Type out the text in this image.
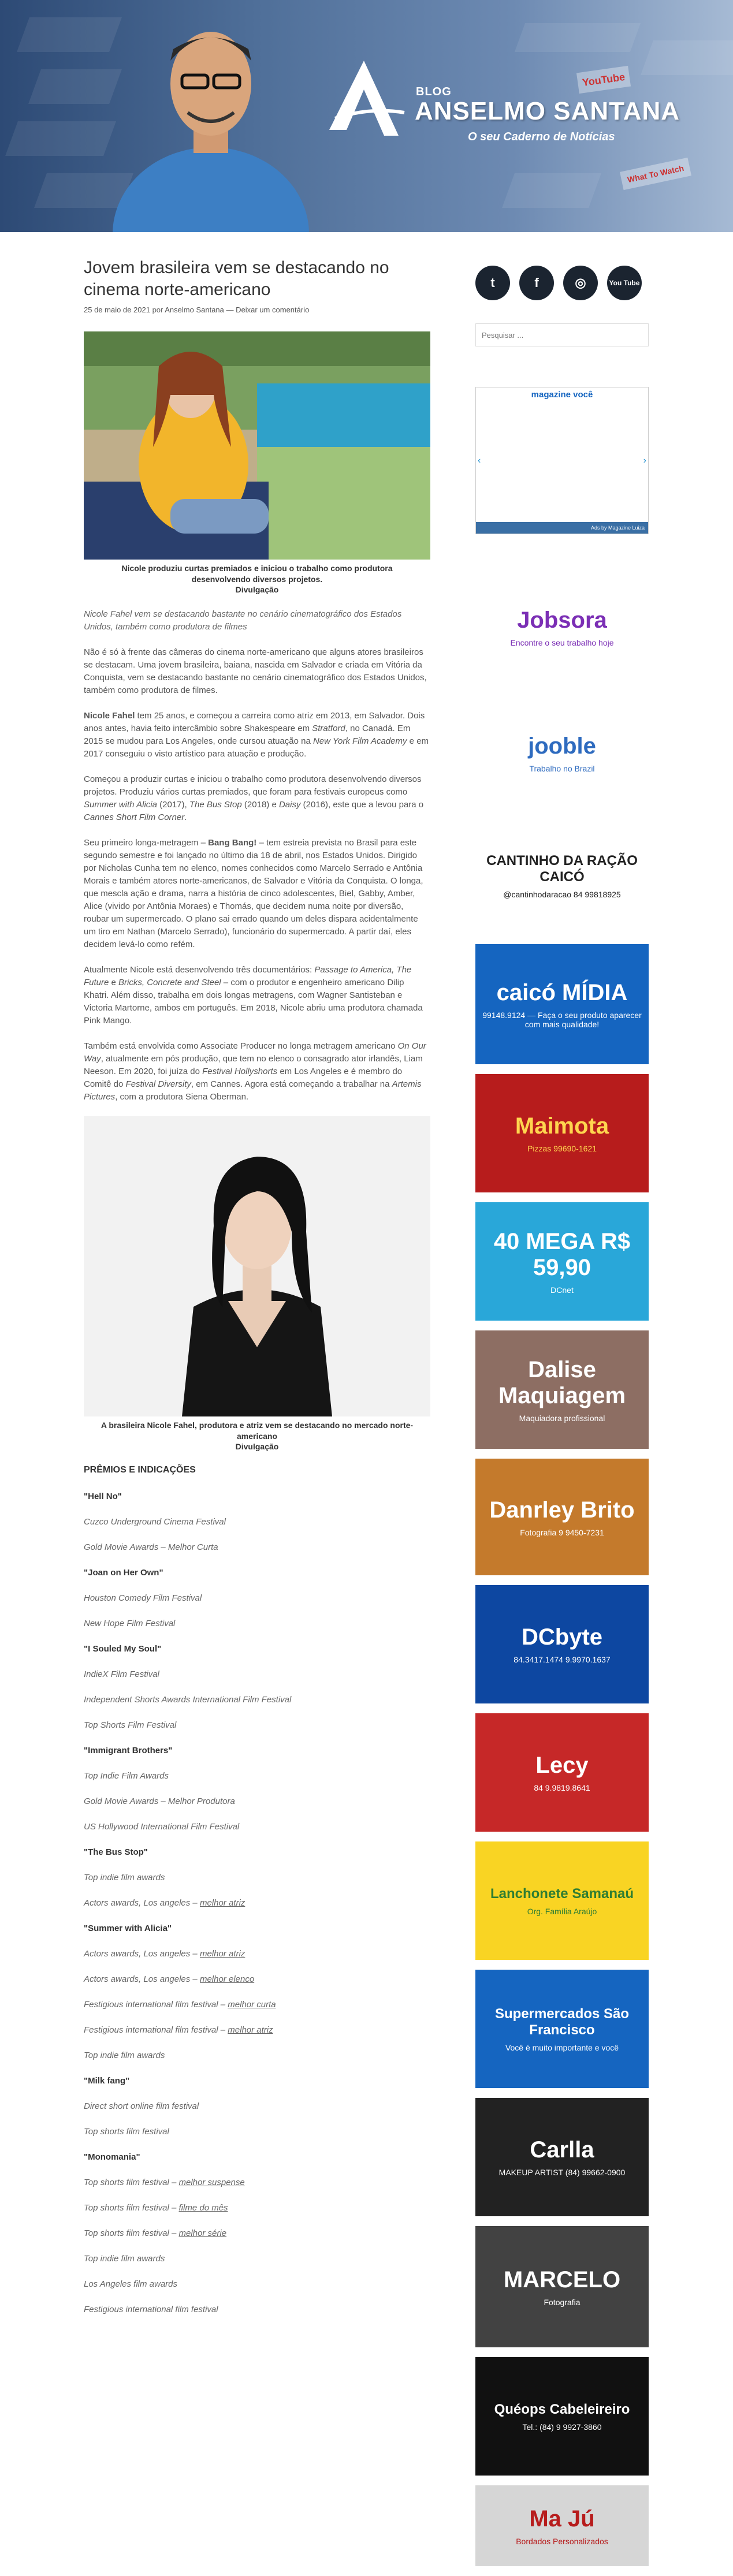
BLOG
ANSELMO SANTANA
O seu Caderno de Notícias
YouTube
What To Watch
Jovem brasileira vem se destacando no cinema norte-americano
25 de maio de 2021 por Anselmo Santana — Deixar um comentário
Nicole produziu curtas premiados e iniciou o trabalho como produtora desenvolvendo diversos projetos.
Divulgação

Nicole Fahel vem se destacando bastante no cenário cinematográfico dos Estados Unidos, também como produtora de filmes

Não é só à frente das câmeras do cinema norte-americano que alguns atores brasileiros se destacam. Uma jovem brasileira, baiana, nascida em Salvador e criada em Vitória da Conquista, vem se destacando bastante no cenário cinematográfico dos Estados Unidos, também como produtora de filmes.

Nicole Fahel tem 25 anos, e começou a carreira como atriz em 2013, em Salvador. Dois anos antes, havia feito intercâmbio sobre Shakespeare em Stratford, no Canadá. Em 2015 se mudou para Los Angeles, onde cursou atuação na New York Film Academy e em 2017 conseguiu o visto artístico para atuação e produção.

Começou a produzir curtas e iniciou o trabalho como produtora desenvolvendo diversos projetos. Produziu vários curtas premiados, que foram para festivais europeus como Summer with Alicia (2017), The Bus Stop (2018) e Daisy (2016), este que a levou para o Cannes Short Film Corner.

Seu primeiro longa-metragem – Bang Bang! – tem estreia prevista no Brasil para este segundo semestre e foi lançado no último dia 18 de abril, nos Estados Unidos. Dirigido por Nicholas Cunha tem no elenco, nomes conhecidos como Marcelo Serrado e Antônia Morais e também atores norte-americanos, de Salvador e Vitória da Conquista. O longa, que mescla ação e drama, narra a história de cinco adolescentes, Biel, Gabby, Amber, Alice (vivido por Antônia Moraes) e Thomás, que decidem numa noite por diversão, roubar um supermercado. O plano sai errado quando um deles dispara acidentalmente um tiro em Nathan (Marcelo Serrado), funcionário do supermercado. A partir daí, eles decidem levá-lo como refém.

Atualmente Nicole está desenvolvendo três documentários: Passage to America, The Future e Bricks, Concrete and Steel – com o produtor e engenheiro americano Dilip Khatri. Além disso, trabalha em dois longas metragens, com Wagner Santisteban e Victoria Martorne, ambos em português. Em 2018, Nicole abriu uma produtora chamada Pink Mango.

Também está envolvida como Associate Producer no longa metragem americano On Our Way, atualmente em pós produção, que tem no elenco o consagrado ator irlandês, Liam Neeson. Em 2020, foi juíza do Festival Hollyshorts em Los Angeles e é membro do Comitê do Festival Diversity, em Cannes. Agora está começando a trabalhar na Artemis Pictures, com a produtora Siena Oberman.

A brasileira Nicole Fahel, produtora e atriz vem se destacando no mercado norte-americano
Divulgação
PRÊMIOS E INDICAÇÕES
"Hell No"
Cuzco Underground Cinema Festival
Gold Movie Awards – Melhor Curta
"Joan on Her Own"
Houston Comedy Film Festival
New Hope Film Festival
"I Souled My Soul"
IndieX Film Festival
Independent Shorts Awards International Film Festival
Top Shorts Film Festival
"Immigrant Brothers"
Top Indie Film Awards
Gold Movie Awards – Melhor Produtora
US Hollywood International Film Festival
"The Bus Stop"
Top indie film awards
Actors awards, Los angeles – melhor atriz
"Summer with Alicia"
Actors awards, Los angeles – melhor atriz
Actors awards, Los angeles – melhor elenco
Festigious international film festival – melhor curta
Festigious international film festival – melhor atriz
Top indie film awards
"Milk fang"
Direct short online film festival
Top shorts film festival
"Monomania"
Top shorts film festival – melhor suspense
Top shorts film festival – filme do mês
Top shorts film festival – melhor série
Top indie film awards
Los Angeles film awards
Festigious international film festival
t	f	◎	You Tube
Pesquisar ...
magazine você
‹	›
Ads by Magazine Luiza
Jobsora
Encontre o seu trabalho hoje
jooble
Trabalho no Brazil
CANTINHO DA RAÇÃO CAICÓ
@cantinhodaracao 84 99818925
caicó MÍDIA
99148.9124 — Faça o seu produto aparecer com mais qualidade!
Maimota
Pizzas 99690-1621
40 MEGA R$ 59,90
DCnet
Dalise Maquiagem
Maquiadora profissional
Danrley Brito
Fotografia 9 9450-7231
DCbyte
84.3417.1474 9.9970.1637
Lecy
84 9.9819.8641
Lanchonete Samanaú
Org. Família Araújo
Supermercados São Francisco
Você é muito importante e você
Carlla
MAKEUP ARTIST (84) 99662-0900
MARCELO
Fotografia
Quéops Cabeleireiro
Tel.: (84) 9 9927-3860
Ma Jú
Bordados Personalizados
